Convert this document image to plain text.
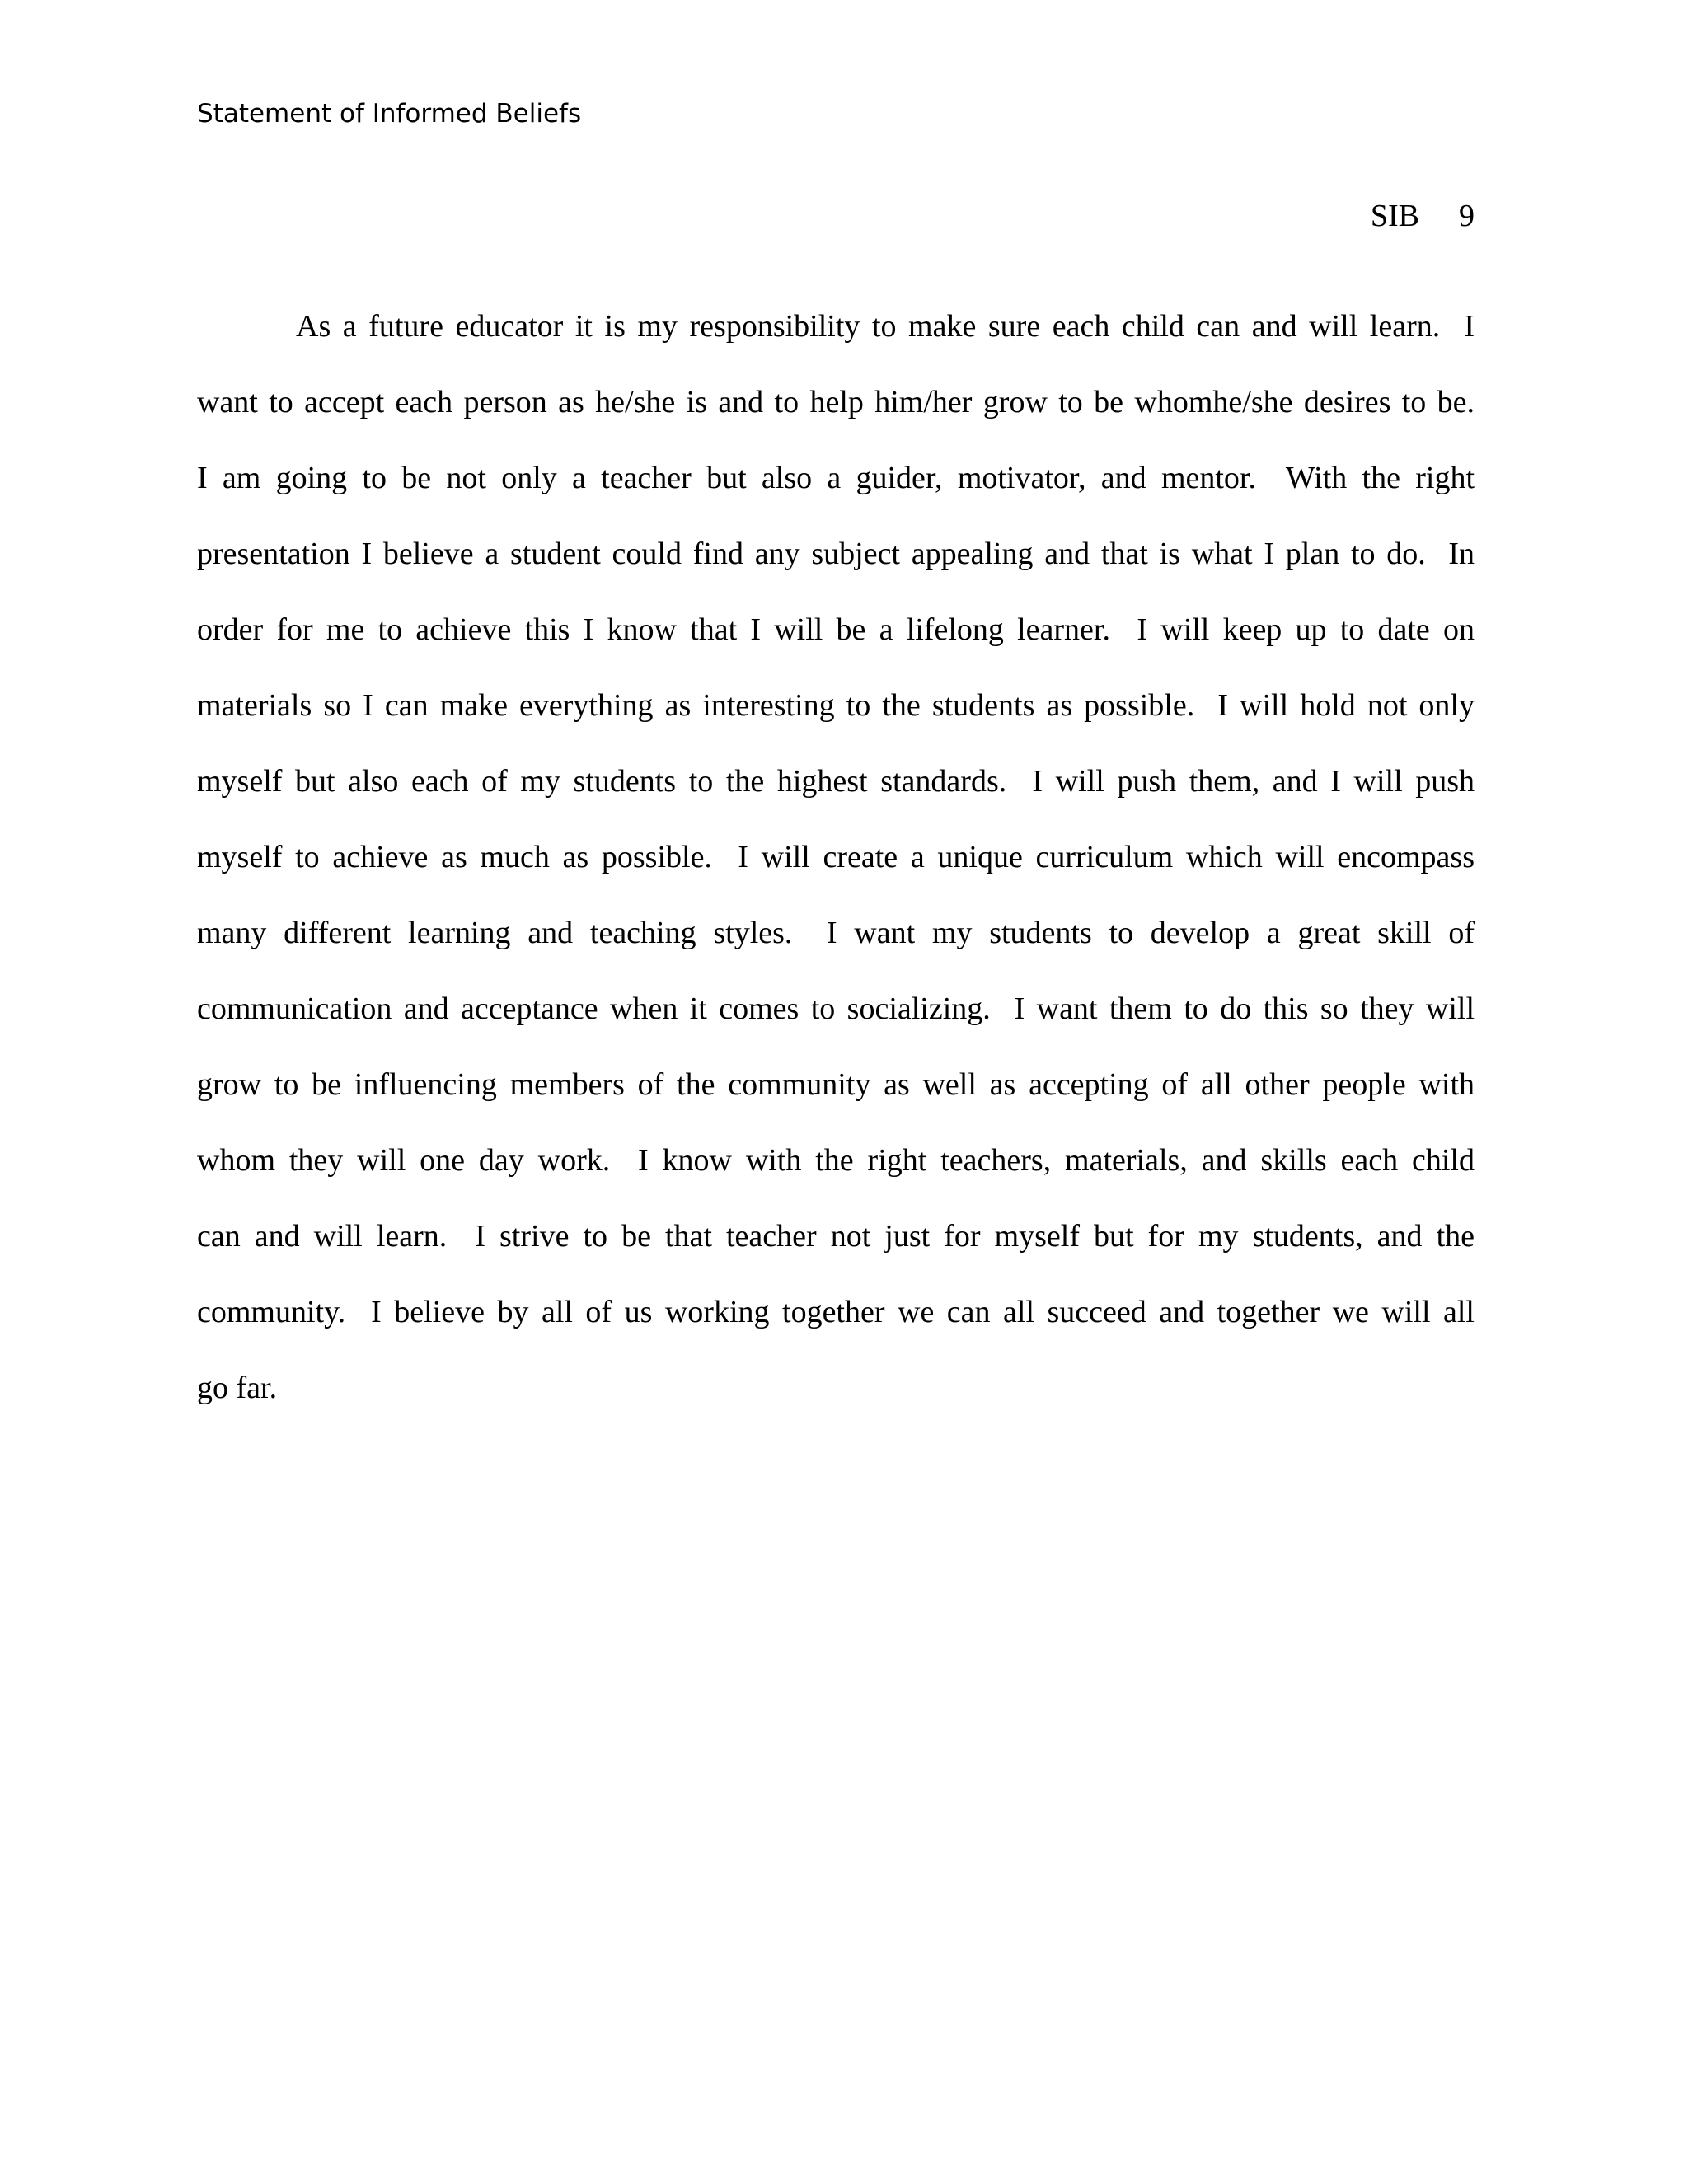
Statement of Informed Beliefs
SIB 9
As a future educator it is my responsibility to make sure each child can and will learn.  I
want to accept each person as he/she is and to help him/her grow to be whomhe/she desires to be.
I am going to be not only a teacher but also a guider, motivator, and mentor.  With the right
presentation I believe a student could find any subject appealing and that is what I plan to do.  In
order for me to achieve this I know that I will be a lifelong learner.  I will keep up to date on
materials so I can make everything as interesting to the students as possible.  I will hold not only
myself but also each of my students to the highest standards.  I will push them, and I will push
myself to achieve as much as possible.  I will create a unique curriculum which will encompass
many different learning and teaching styles.  I want my students to develop a great skill of
communication and acceptance when it comes to socializing.  I want them to do this so they will
grow to be influencing members of the community as well as accepting of all other people with
whom they will one day work.  I know with the right teachers, materials, and skills each child
can and will learn.  I strive to be that teacher not just for myself but for my students, and the
community.  I believe by all of us working together we can all succeed and together we will all
go far.
